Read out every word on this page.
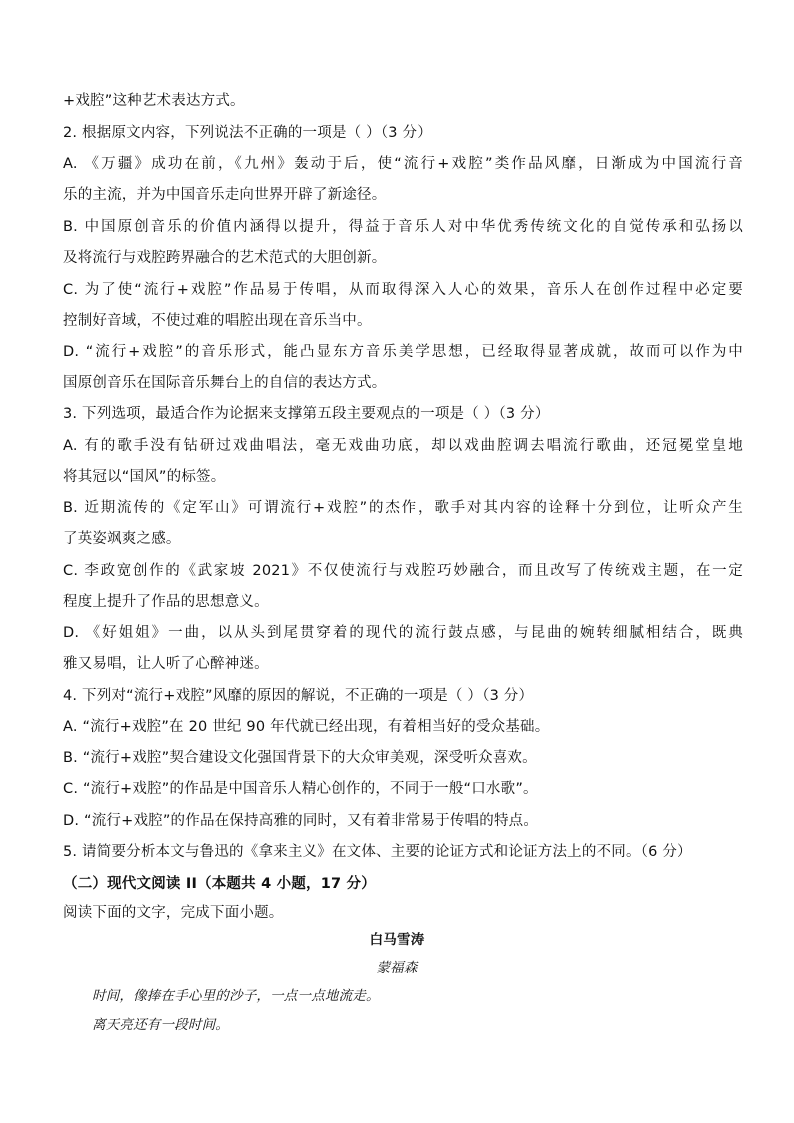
+戏腔”这种艺术表达方式。
2. 根据原文内容，下列说法不正确的一项是（ ）（3 分）
A. 《万疆》成功在前，《九州》轰动于后，使“流行+戏腔”类作品风靡，日渐成为中国流行音
乐的主流，并为中国音乐走向世界开辟了新途径。
B. 中国原创音乐的价值内涵得以提升，得益于音乐人对中华优秀传统文化的自觉传承和弘扬以
及将流行与戏腔跨界融合的艺术范式的大胆创新。
C. 为了使“流行+戏腔”作品易于传唱，从而取得深入人心的效果，音乐人在创作过程中必定要
控制好音域，不使过难的唱腔出现在音乐当中。
D. “流行+戏腔”的音乐形式，能凸显东方音乐美学思想，已经取得显著成就，故而可以作为中
国原创音乐在国际音乐舞台上的自信的表达方式。
3. 下列选项，最适合作为论据来支撑第五段主要观点的一项是（ ）（3 分）
A. 有的歌手没有钻研过戏曲唱法，毫无戏曲功底，却以戏曲腔调去唱流行歌曲，还冠冕堂皇地
将其冠以“国风”的标签。
B. 近期流传的《定军山》可谓流行+戏腔”的杰作，歌手对其内容的诠释十分到位，让听众产生
了英姿飒爽之感。
C. 李政宽创作的《武家坡 2021》不仅使流行与戏腔巧妙融合，而且改写了传统戏主题，在一定
程度上提升了作品的思想意义。
D. 《好姐姐》一曲，以从头到尾贯穿着的现代的流行鼓点感，与昆曲的婉转细腻相结合，既典
雅又易唱，让人听了心醉神迷。
4. 下列对“流行+戏腔”风靡的原因的解说，不正确的一项是（ ）（3 分）
A. “流行+戏腔”在 20 世纪 90 年代就已经出现，有着相当好的受众基础。
B. “流行+戏腔”契合建设文化强国背景下的大众审美观，深受听众喜欢。
C. “流行+戏腔”的作品是中国音乐人精心创作的，不同于一般“口水歌”。
D. “流行+戏腔”的作品在保持高雅的同时，又有着非常易于传唱的特点。
5. 请简要分析本文与鲁迅的《拿来主义》在文体、主要的论证方式和论证方法上的不同。（6 分）
（二）现代文阅读 II（本题共 4 小题，17 分）
阅读下面的文字，完成下面小题。
白马雪涛
蒙福森
时间，像捧在手心里的沙子，一点一点地流走。
离天亮还有一段时间。
